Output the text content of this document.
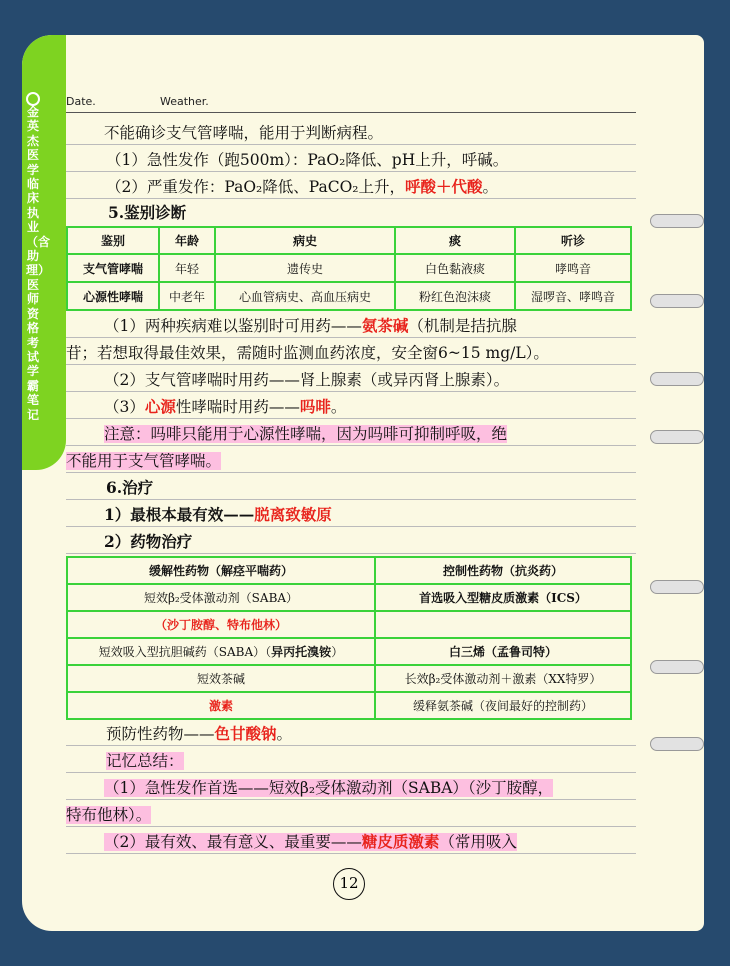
金英杰医学
临床执业（含助理）医师资格考试学霸笔记
Date.	Weather.
不能确诊支气管哮喘，能用于判断病程。
（1）急性发作（跑500m）：PaO₂降低、pH上升，呼碱。
（2）严重发作：PaO₂降低、PaCO₂上升，呼酸＋代酸。
5.鉴别诊断
鉴别	年龄	病史	痰	听诊
支气管哮喘	年轻	遗传史	白色黏液痰	哮鸣音
心源性哮喘	中老年	心血管病史、高血压病史	粉红色泡沫痰	湿啰音、哮鸣音
（1）两种疾病难以鉴别时可用药——氨茶碱（机制是拮抗腺
苷；若想取得最佳效果，需随时监测血药浓度，安全窗6~15 mg/L）。
（2）支气管哮喘时用药——肾上腺素（或异丙肾上腺素）。
（3）心源性哮喘时用药——吗啡。
注意：吗啡只能用于心源性哮喘，因为吗啡可抑制呼吸，绝
不能用于支气管哮喘。
6.治疗
1）最根本最有效——脱离致敏原
2）药物治疗
缓解性药物（解痉平喘药）	控制性药物（抗炎药）
短效β₂受体激动剂（SABA）	首选吸入型糖皮质激素（ICS）
（沙丁胺醇、特布他林）	
短效吸入型抗胆碱药（SABA）（异丙托溴铵）	白三烯（孟鲁司特）
短效茶碱	长效β₂受体激动剂＋激素（XX特罗）
激素	缓释氨茶碱（夜间最好的控制药）
预防性药物——色甘酸钠。
记忆总结：
（1）急性发作首选——短效β₂受体激动剂（SABA）（沙丁胺醇，
特布他林）。
（2）最有效、最有意义、最重要——糖皮质激素（常用吸入
12
